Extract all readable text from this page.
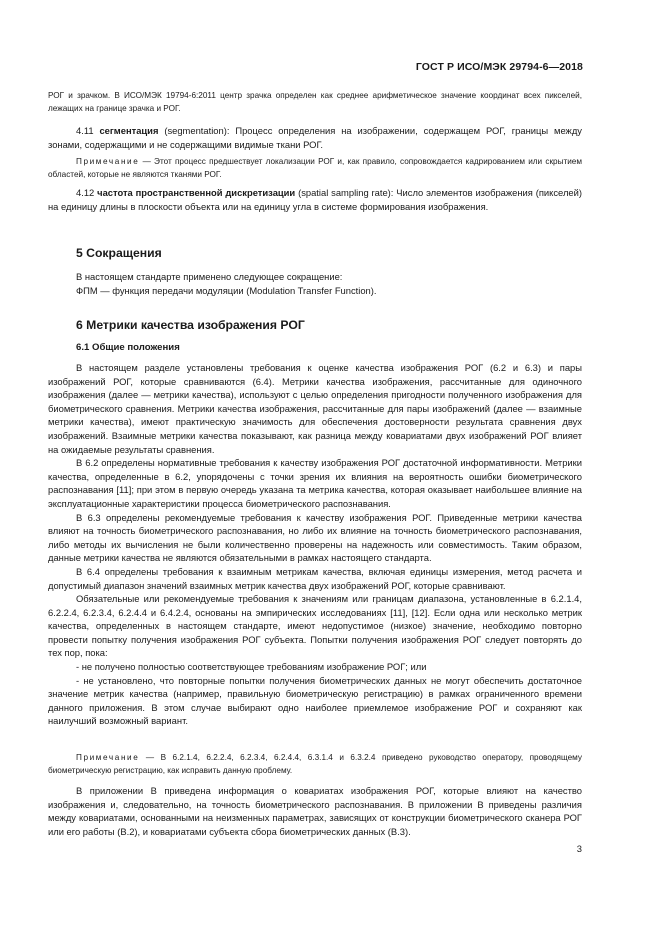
ГОСТ Р ИСО/МЭК 29794-6—2018

РОГ и зрачком. В ИСО/МЭК 19794-6:2011 центр зрачка определен как среднее арифметическое значение координат всех пикселей, лежащих на границе зрачка и РОГ.

4.11 сегментация (segmentation): Процесс определения на изображении, содержащем РОГ, границы между зонами, содержащими и не содержащими видимые ткани РОГ.

Примечание — Этот процесс предшествует локализации РОГ и, как правило, сопровождается кадрированием или скрытием областей, которые не являются тканями РОГ.

4.12 частота пространственной дискретизации (spatial sampling rate): Число элементов изображения (пикселей) на единицу длины в плоскости объекта или на единицу угла в системе формирования изображения.

5 Сокращения

В настоящем стандарте применено следующее сокращение:

ФПМ — функция передачи модуляции (Modulation Transfer Function).

6 Метрики качества изображения РОГ
6.1 Общие положения

В настоящем разделе установлены требования к оценке качества изображения РОГ (6.2 и 6.3) и пары изображений РОГ, которые сравниваются (6.4). Метрики качества изображения, рассчитанные для одиночного изображения (далее — метрики качества), используют с целью определения пригодности полученного изображения для биометрического сравнения. Метрики качества изображения, рассчитанные для пары изображений (далее — взаимные метрики качества), имеют практическую значимость для обеспечения достоверности результата сравнения двух изображений. Взаимные метрики качества показывают, как разница между ковариатами двух изображений РОГ влияет на ожидаемые результаты сравнения.

В 6.2 определены нормативные требования к качеству изображения РОГ достаточной информативности. Метрики качества, определенные в 6.2, упорядочены с точки зрения их влияния на вероятность ошибки биометрического распознавания [11]; при этом в первую очередь указана та метрика качества, которая оказывает наибольшее влияние на эксплуатационные характеристики процесса биометрического распознавания.

В 6.3 определены рекомендуемые требования к качеству изображения РОГ. Приведенные метрики качества влияют на точность биометрического распознавания, но либо их влияние на точность биометрического распознавания, либо методы их вычисления не были количественно проверены на надежность или совместимость. Таким образом, данные метрики качества не являются обязательными в рамках настоящего стандарта.

В 6.4 определены требования к взаимным метрикам качества, включая единицы измерения, метод расчета и допустимый диапазон значений взаимных метрик качества двух изображений РОГ, которые сравнивают.

Обязательные или рекомендуемые требования к значениям или границам диапазона, установленные в 6.2.1.4, 6.2.2.4, 6.2.3.4, 6.2.4.4 и 6.4.2.4, основаны на эмпирических исследованиях [11], [12]. Если одна или несколько метрик качества, определенных в настоящем стандарте, имеют недопустимое (низкое) значение, необходимо повторно провести попытку получения изображения РОГ субъекта. Попытки получения изображения РОГ следует повторять до тех пор, пока:

- не получено полностью соответствующее требованиям изображение РОГ; или

- не установлено, что повторные попытки получения биометрических данных не могут обеспечить достаточное значение метрик качества (например, правильную биометрическую регистрацию) в рамках ограниченного времени данного приложения. В этом случае выбирают одно наиболее приемлемое изображение РОГ и сохраняют как наилучший возможный вариант.

Примечание — В 6.2.1.4, 6.2.2.4, 6.2.3.4, 6.2.4.4, 6.3.1.4 и 6.3.2.4 приведено руководство оператору, проводящему биометрическую регистрацию, как исправить данную проблему.

В приложении В приведена информация о ковариатах изображения РОГ, которые влияют на качество изображения и, следовательно, на точность биометрического распознавания. В приложении В приведены различия между ковариатами, основанными на неизменных параметрах, зависящих от конструкции биометрического сканера РОГ или его работы (В.2), и ковариатами субъекта сбора биометрических данных (В.3).

3
